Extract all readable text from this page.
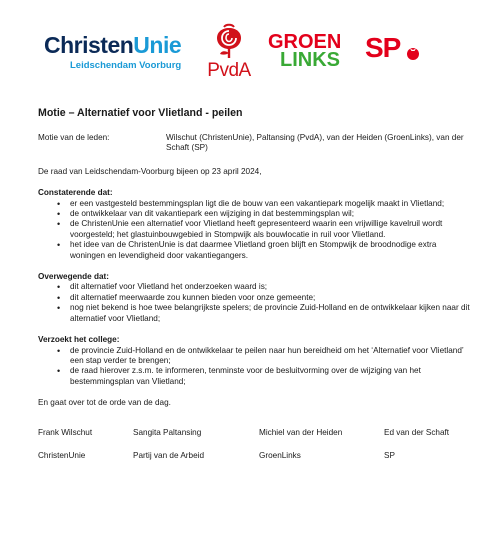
ChristenUnie
Leidschendam Voorburg	PvdA
GROEN
LINKS SP
Motie – Alternatief voor Vlietland - peilen
Motie van de leden:	Wilschut (ChristenUnie), Paltansing (PvdA), van der Heiden (GroenLinks), van der Schaft (SP)

De raad van Leidschendam-Voorburg bijeen op 23 april 2024,

Constaterende dat:

• er een vastgesteld bestemmingsplan ligt die de bouw van een vakantiepark mogelijk maakt in Vlietland;
• de ontwikkelaar van dit vakantiepark een wijziging in dat bestemmingsplan wil;
• de ChristenUnie een alternatief voor Vlietland heeft gepresenteerd waarin een vrijwillige kavelruil wordt voorgesteld; het glastuinbouwgebied in Stompwijk als bouwlocatie in ruil voor Vlietland.
• het idee van de ChristenUnie is dat daarmee Vlietland groen blijft en Stompwijk de broodnodige extra woningen en levendigheid door vakantiegangers.

Overwegende dat:

• dit alternatief voor Vlietland het onderzoeken waard is;
• dit alternatief meerwaarde zou kunnen bieden voor onze gemeente;
• nog niet bekend is hoe twee belangrijkste spelers; de provincie Zuid-Holland en de ontwikkelaar kijken naar dit alternatief voor Vlietland;

Verzoekt het college:

• de provincie Zuid-Holland en de ontwikkelaar te peilen naar hun bereidheid om het ‘Alternatief voor Vlietland’ een stap verder te brengen;
• de raad hierover z.s.m. te informeren, tenminste voor de besluitvorming over de wijziging van het bestemmingsplan van Vlietland;

En gaat over tot de orde van de dag.

Frank Wilschut	Sangita Paltansing	Michiel van der Heiden	Ed van der Schaft
ChristenUnie	Partij van de Arbeid	GroenLinks	SP
